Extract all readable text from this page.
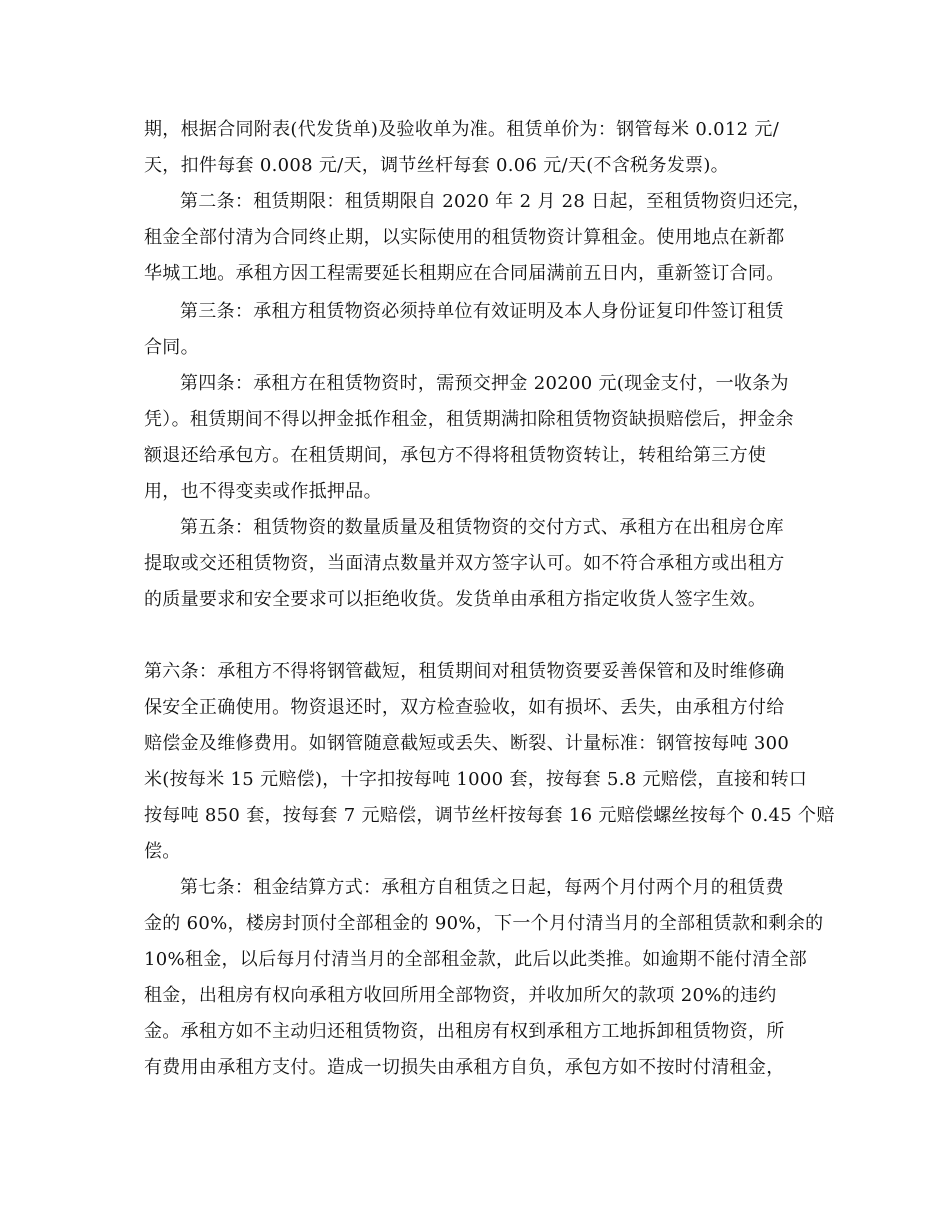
期，根据合同附表(代发货单)及验收单为准。租赁单价为：钢管每米 0.012 元/
天，扣件每套 0.008 元/天，调节丝杆每套 0.06 元/天(不含税务发票)。
第二条：租赁期限：租赁期限自 2020 年 2 月 28 日起，至租赁物资归还完，
租金全部付清为合同终止期，以实际使用的租赁物资计算租金。使用地点在新都
华城工地。承租方因工程需要延长租期应在合同届满前五日内，重新签订合同。
第三条：承租方租赁物资必须持单位有效证明及本人身份证复印件签订租赁
合同。
第四条：承租方在租赁物资时，需预交押金 20200 元(现金支付，一收条为
凭）。租赁期间不得以押金抵作租金，租赁期满扣除租赁物资缺损赔偿后，押金余
额退还给承包方。在租赁期间，承包方不得将租赁物资转让，转租给第三方使
用，也不得变卖或作抵押品。
第五条：租赁物资的数量质量及租赁物资的交付方式、承租方在出租房仓库
提取或交还租赁物资，当面清点数量并双方签字认可。如不符合承租方或出租方
的质量要求和安全要求可以拒绝收货。发货单由承租方指定收货人签字生效。
第六条：承租方不得将钢管截短，租赁期间对租赁物资要妥善保管和及时维修确
保安全正确使用。物资退还时，双方检查验收，如有损坏、丢失，由承租方付给
赔偿金及维修费用。如钢管随意截短或丢失、断裂、计量标准：钢管按每吨 300
米(按每米 15 元赔偿)，十字扣按每吨 1000 套，按每套 5.8 元赔偿，直接和转口
按每吨 850 套，按每套 7 元赔偿，调节丝杆按每套 16 元赔偿螺丝按每个 0.45 个赔
偿。
第七条：租金结算方式：承租方自租赁之日起，每两个月付两个月的租赁费
金的 60%，楼房封顶付全部租金的 90%，下一个月付清当月的全部租赁款和剩余的
10%租金，以后每月付清当月的全部租金款，此后以此类推。如逾期不能付清全部
租金，出租房有权向承租方收回所用全部物资，并收加所欠的款项 20%的违约
金。承租方如不主动归还租赁物资，出租房有权到承租方工地拆卸租赁物资，所
有费用由承租方支付。造成一切损失由承租方自负，承包方如不按时付清租金，
